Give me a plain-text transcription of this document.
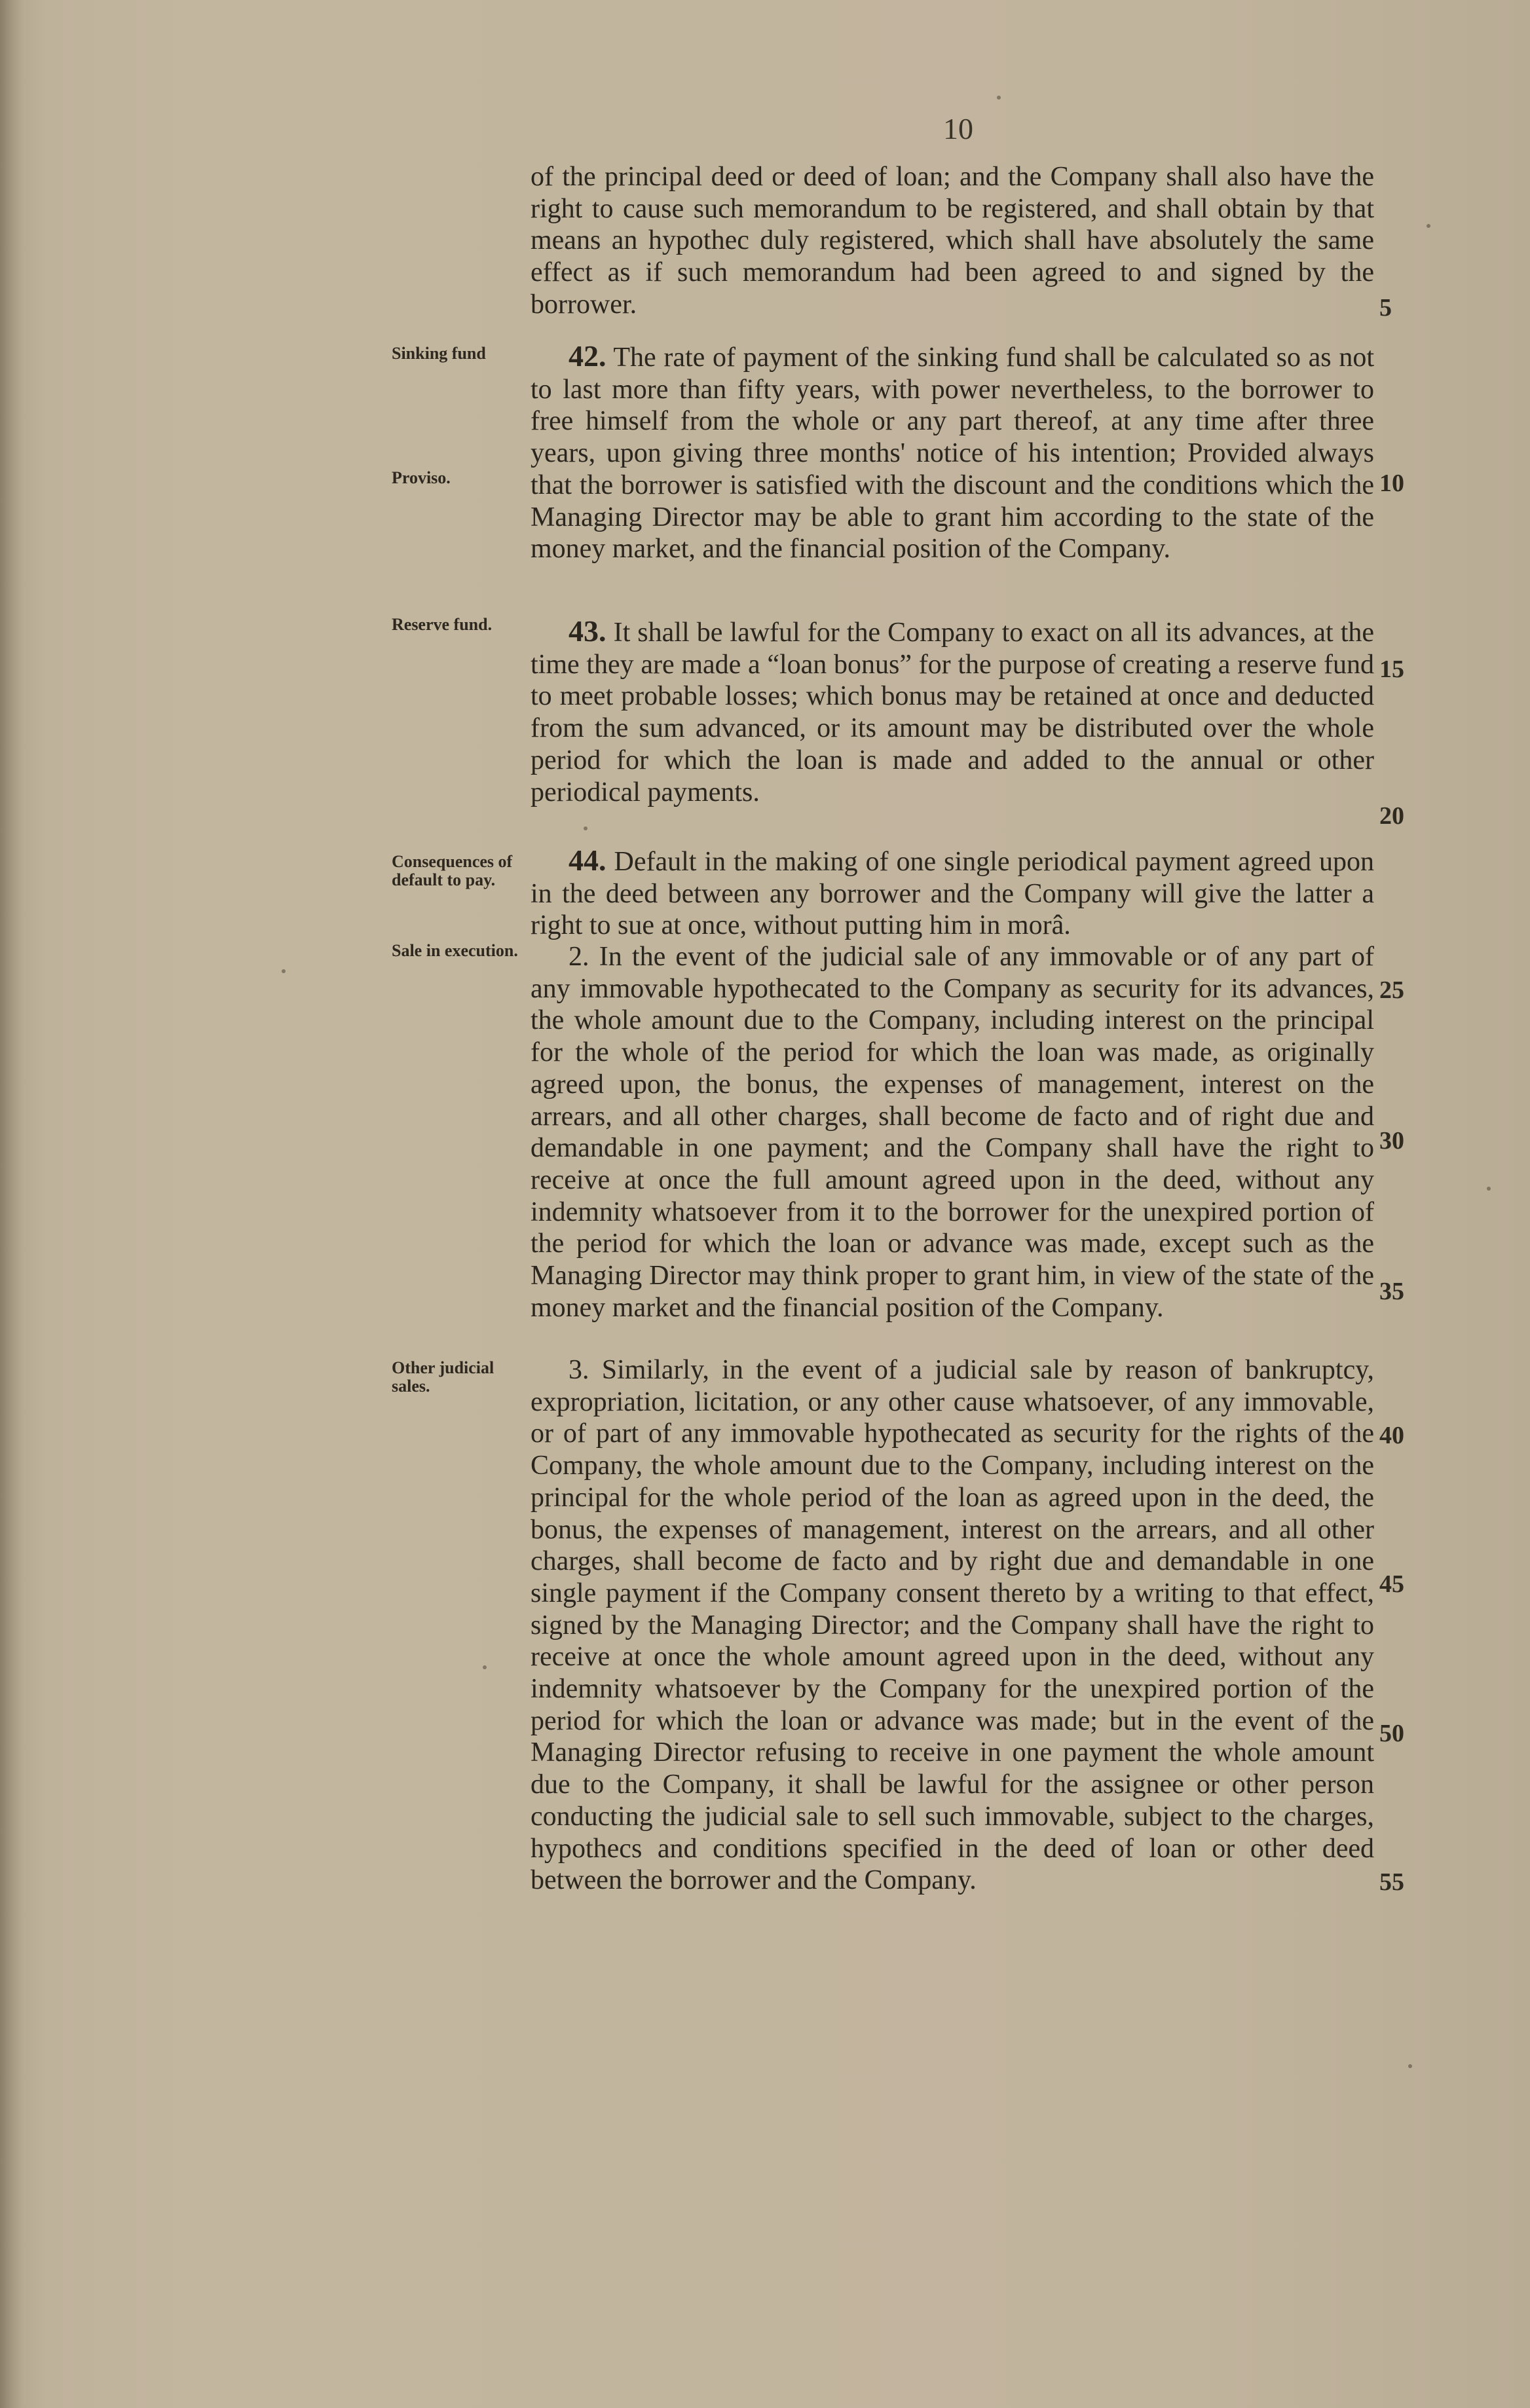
10

of the principal deed or deed of loan; and the Company shall also have the right to cause such memorandum to be registered, and shall obtain by that means an hypothec duly registered, which shall have absolutely the same effect as if such memorandum had been agreed to and signed by the borrower.

42. The rate of payment of the sinking fund shall be calculated so as not to last more than fifty years, with power nevertheless, to the borrower to free himself from the whole or any part thereof, at any time after three years, upon giving three months' notice of his intention; Provided always that the borrower is satisfied with the discount and the conditions which the Managing Director may be able to grant him according to the state of the money market, and the financial position of the Company.

43. It shall be lawful for the Company to exact on all its advances, at the time they are made a “loan bonus” for the purpose of creating a reserve fund to meet probable losses; which bonus may be retained at once and deducted from the sum advanced, or its amount may be distributed over the whole period for which the loan is made and added to the annual or other periodical payments.

44. Default in the making of one single periodical payment agreed upon in the deed between any borrower and the Company will give the latter a right to sue at once, without putting him in morâ.

2. In the event of the judicial sale of any immovable or of any part of any immovable hypothecated to the Company as security for its advances, the whole amount due to the Company, including interest on the principal for the whole of the period for which the loan was made, as originally agreed upon, the bonus, the expenses of management, interest on the arrears, and all other charges, shall become de facto and of right due and demandable in one payment; and the Company shall have the right to receive at once the full amount agreed upon in the deed, without any indemnity whatsoever from it to the borrower for the unexpired portion of the period for which the loan or advance was made, except such as the Managing Director may think proper to grant him, in view of the state of the money market and the financial position of the Company.

3. Similarly, in the event of a judicial sale by reason of bankruptcy, expropriation, licitation, or any other cause whatsoever, of any immovable, or of part of any immovable hypothecated as security for the rights of the Company, the whole amount due to the Company, including interest on the principal for the whole period of the loan as agreed upon in the deed, the bonus, the expenses of management, interest on the arrears, and all other charges, shall become de facto and by right due and demandable in one single payment if the Company consent thereto by a writing to that effect, signed by the Managing Director; and the Company shall have the right to receive at once the whole amount agreed upon in the deed, without any indemnity whatsoever by the Company for the unexpired portion of the period for which the loan or advance was made; but in the event of the Managing Director refusing to receive in one payment the whole amount due to the Company, it shall be lawful for the assignee or other person conducting the judicial sale to sell such immovable, subject to the charges, hypothecs and conditions specified in the deed of loan or other deed between the borrower and the Company.

Sinking fund
Proviso.
Reserve fund.
Consequences of default to pay.
Sale in execution.
Other judicial sales.
5
10
15
20
25
30
35
40
45
50
55
